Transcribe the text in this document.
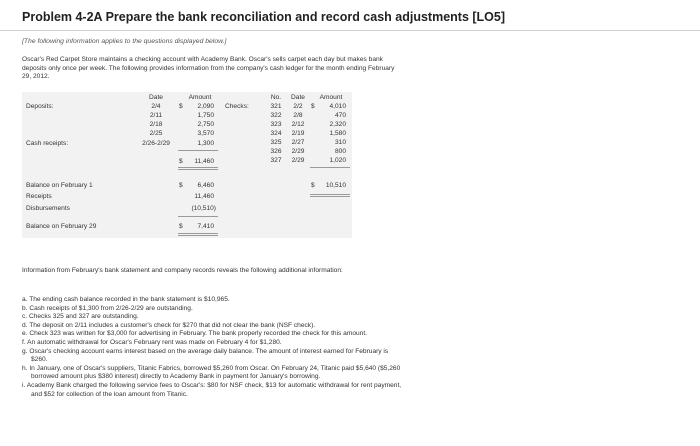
Problem 4-2A Prepare the bank reconciliation and record cash adjustments [LO5]
[The following information applies to the questions displayed below.]
Oscar's Red Carpet Store maintains a checking account with Academy Bank. Oscar's sells carpet each day but makes bank deposits only once per week. The following provides information from the company's cash ledger for the month ending February 29, 2012.
Date	Amount
Deposits:	2/4	$	2,090
2/11	1,750
2/18	2,750
2/25	3,570
Cash receipts:	2/26-2/29	1,300
$	11,460
Checks:
No.	Date	Amount
321	2/2	$	4,010
322	2/8	470
323	2/12	2,320
324	2/19	1,580
325	2/27	310
326	2/29	800
327	2/29	1,020
$	10,510
Balance on February 1	$	6,460
Receipts	11,460
Disbursements	(10,510)
Balance on February 29	$	7,410
Information from February's bank statement and company records reveals the following additional information:
a. The ending cash balance recorded in the bank statement is $10,965.
b. Cash receipts of $1,300 from 2/26-2/29 are outstanding.
c. Checks 325 and 327 are outstanding.
d. The deposit on 2/11 includes a customer's check for $270 that did not clear the bank (NSF check).
e. Check 323 was written for $3,000 for advertising in February. The bank properly recorded the check for this amount.
f. An automatic withdrawal for Oscar's February rent was made on February 4 for $1,280.
g. Oscar's checking account earns interest based on the average daily balance. The amount of interest earned for February is $260.
h. In January, one of Oscar's suppliers, Titanic Fabrics, borrowed $5,260 from Oscar. On February 24, Titanic paid $5,640 ($5,260 borrowed amount plus $380 interest) directly to Academy Bank in payment for January's borrowing.
i. Academy Bank charged the following service fees to Oscar's: $80 for NSF check, $13 for automatic withdrawal for rent payment, and $52 for collection of the loan amount from Titanic.
